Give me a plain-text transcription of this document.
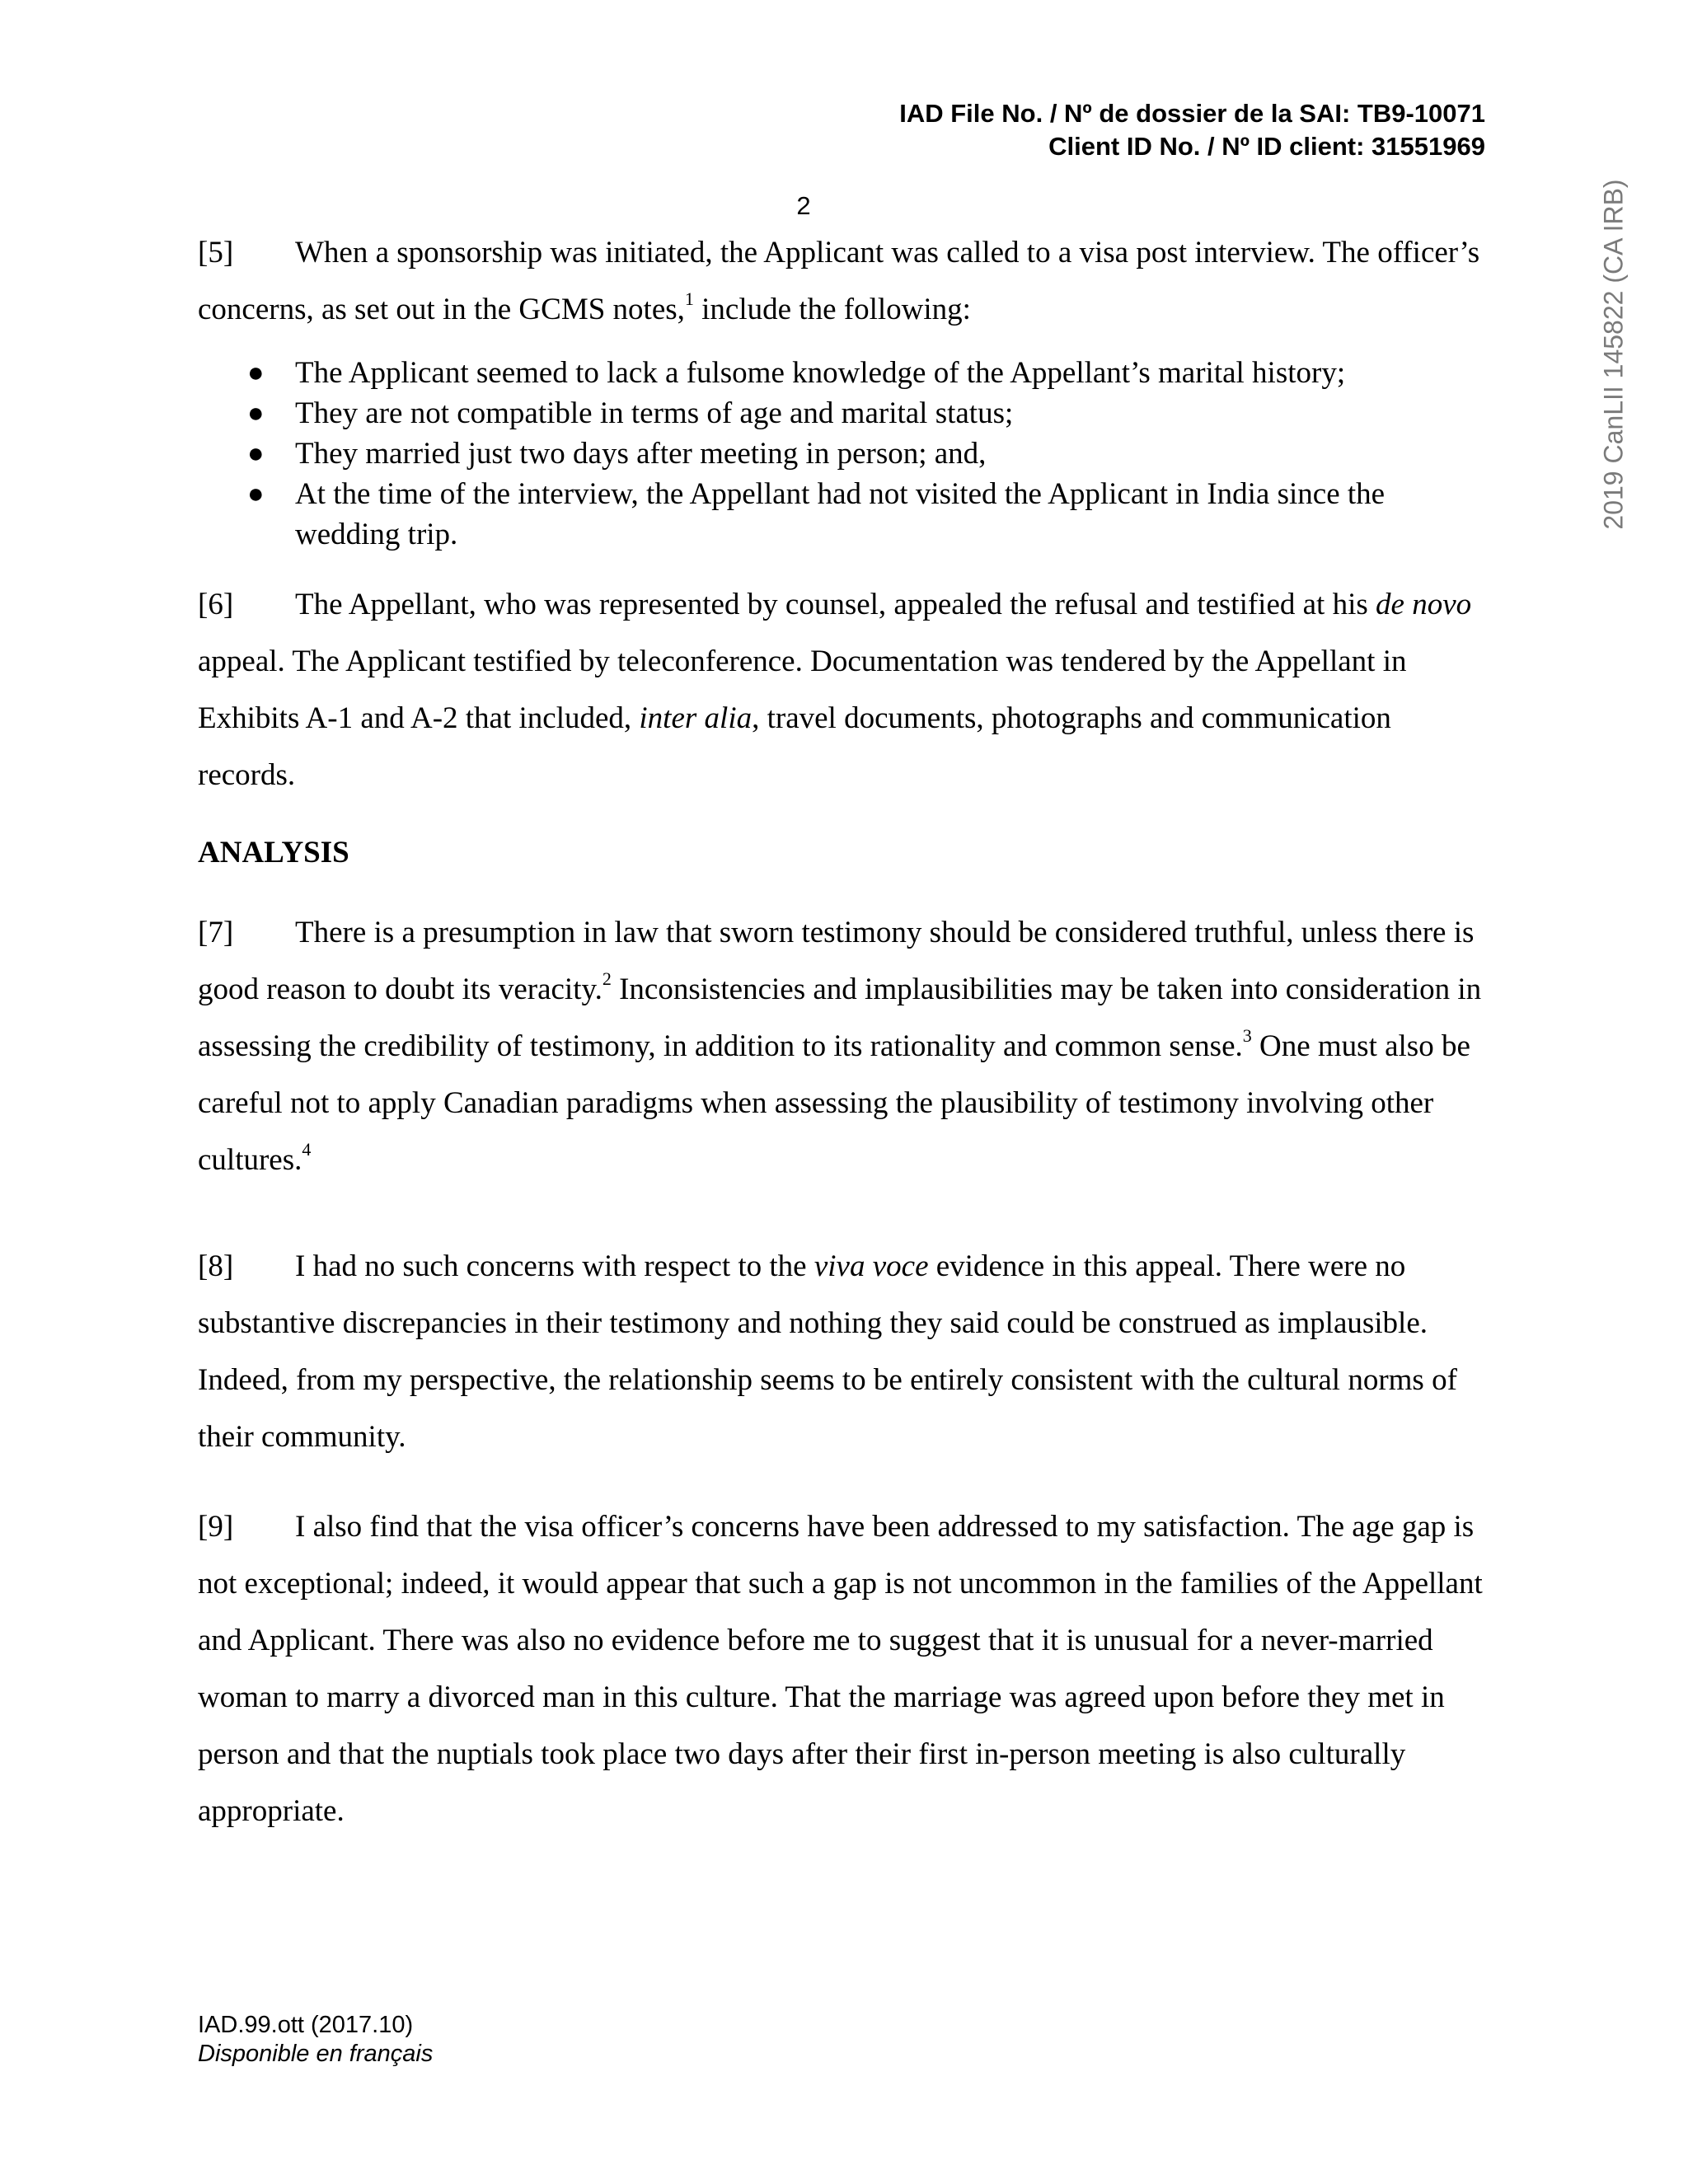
IAD File No. / Nº de dossier de la SAI: TB9-10071
Client ID No. / Nº ID client: 31551969
2	2019 CanLII 145822 (CA IRB)

[5] When a sponsorship was initiated, the Applicant was called to a visa post interview. The officer’s concerns, as set out in the GCMS notes,$^1$ include the following:

● The Applicant seemed to lack a fulsome knowledge of the Appellant’s marital history;
● They are not compatible in terms of age and marital status;
● They married just two days after meeting in person; and,
● At the time of the interview, the Appellant had not visited the Applicant in India since the wedding trip.

[6] The Appellant, who was represented by counsel, appealed the refusal and testified at his de novo appeal. The Applicant testified by teleconference. Documentation was tendered by the Appellant in Exhibits A-1 and A-2 that included, inter alia, travel documents, photographs and communication records.

ANALYSIS

[7] There is a presumption in law that sworn testimony should be considered truthful, unless there is good reason to doubt its veracity.$^2$ Inconsistencies and implausibilities may be taken into consideration in assessing the credibility of testimony, in addition to its rationality and common sense.$^3$ One must also be careful not to apply Canadian paradigms when assessing the plausibility of testimony involving other cultures.$^4$

[8] I had no such concerns with respect to the viva voce evidence in this appeal. There were no substantive discrepancies in their testimony and nothing they said could be construed as implausible. Indeed, from my perspective, the relationship seems to be entirely consistent with the cultural norms of their community.

[9] I also find that the visa officer’s concerns have been addressed to my satisfaction. The age gap is not exceptional; indeed, it would appear that such a gap is not uncommon in the families of the Appellant and Applicant. There was also no evidence before me to suggest that it is unusual for a never-married woman to marry a divorced man in this culture. That the marriage was agreed upon before they met in person and that the nuptials took place two days after their first in-person meeting is also culturally appropriate.

IAD.99.ott (2017.10)
Disponible en français
